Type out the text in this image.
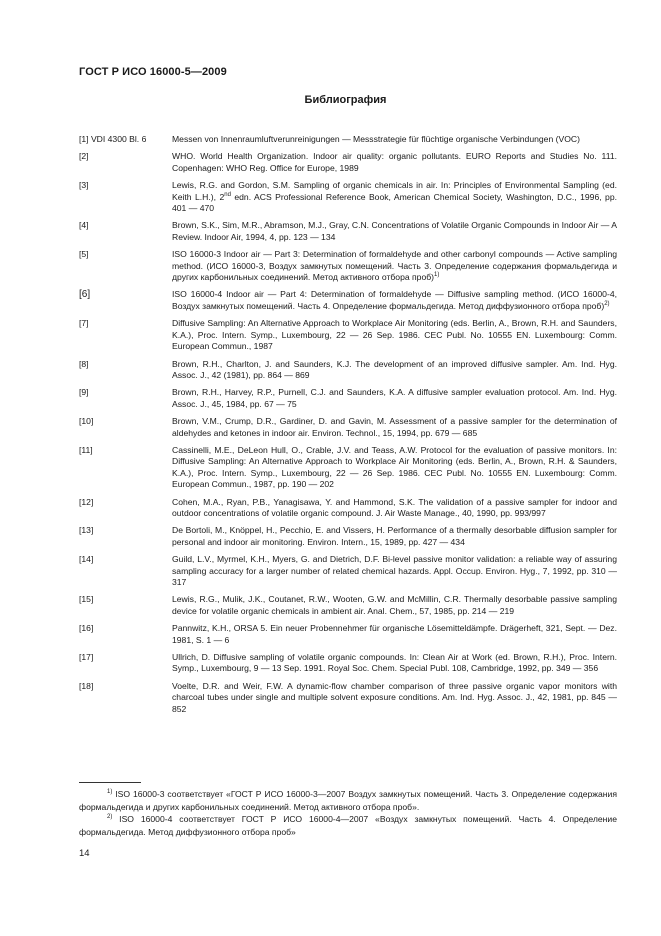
ГОСТ Р ИСО 16000-5—2009
Библиография
[1] VDI 4300 Bl. 6	Messen von Innenraumluftverunreinigungen — Messstrategie für flüchtige organische Verbindungen (VOC)
[2]	WHO. World Health Organization. Indoor air quality: organic pollutants. EURO Reports and Studies No. 111. Copenhagen: WHO Reg. Office for Europe, 1989
[3]	Lewis, R.G. and Gordon, S.M. Sampling of organic chemicals in air. In: Principles of Environmental Sampling (ed. Keith L.H.), 2nd edn. ACS Professional Reference Book, American Chemical Society, Washington, D.C., 1996, pp. 401 — 470
[4]	Brown, S.K., Sim, M.R., Abramson, M.J., Gray, C.N. Concentrations of Volatile Organic Compounds in Indoor Air — A Review. Indoor Air, 1994, 4, pp. 123 — 134
[5]	ISO 16000-3 Indoor air — Part 3: Determination of formaldehyde and other carbonyl compounds — Active sampling method. (ИСО 16000-3, Воздух замкнутых помещений. Часть 3. Определение содержания формальдегида и других карбонильных соединений. Метод активного отбора проб)$^{1)}$
[6]	ISO 16000-4 Indoor air — Part 4: Determination of formaldehyde — Diffusive sampling method. (ИСО 16000-4, Воздух замкнутых помещений. Часть 4. Определение формальдегида. Метод диффузионного отбора проб)$^{2)}$
[7]	Diffusive Sampling: An Alternative Approach to Workplace Air Monitoring (eds. Berlin, A., Brown, R.H. and Saunders, K.A.), Proc. Intern. Symp., Luxembourg, 22 — 26 Sep. 1986. CEC Publ. No. 10555 EN. Luxembourg: Comm. European Commun., 1987
[8]	Brown, R.H., Charlton, J. and Saunders, K.J. The development of an improved diffusive sampler. Am. Ind. Hyg. Assoc. J., 42 (1981), pp. 864 — 869
[9]	Brown, R.H., Harvey, R.P., Purnell, C.J. and Saunders, K.A. A diffusive sampler evaluation protocol. Am. Ind. Hyg. Assoc. J., 45, 1984, pp. 67 — 75
[10]	Brown, V.M., Crump, D.R., Gardiner, D. and Gavin, M. Assessment of a passive sampler for the determination of aldehydes and ketones in indoor air. Environ. Technol., 15, 1994, pp. 679 — 685
[11]	Cassinelli, M.E., DeLeon Hull, O., Crable, J.V. and Teass, A.W. Protocol for the evaluation of passive monitors. In: Diffusive Sampling: An Alternative Approach to Workplace Air Monitoring (eds. Berlin, A., Brown, R.H. & Saunders, K.A.), Proc. Intern. Symp., Luxembourg, 22 — 26 Sep. 1986. CEC Publ. No. 10555 EN. Luxembourg: Comm. European Commun., 1987, pp. 190 — 202
[12]	Cohen, M.A., Ryan, P.B., Yanagisawa, Y. and Hammond, S.K. The validation of a passive sampler for indoor and outdoor concentrations of volatile organic compound. J. Air Waste Manage., 40, 1990, pp. 993/997
[13]	De Bortoli, M., Knöppel, H., Pecchio, E. and Vissers, H. Performance of a thermally desorbable diffusion sampler for personal and indoor air monitoring. Environ. Intern., 15, 1989, pp. 427 — 434
[14]	Guild, L.V., Myrmel, K.H., Myers, G. and Dietrich, D.F. Bi-level passive monitor validation: a reliable way of assuring sampling accuracy for a larger number of related chemical hazards. Appl. Occup. Environ. Hyg., 7, 1992, pp. 310 — 317
[15]	Lewis, R.G., Mulik, J.K., Coutanet, R.W., Wooten, G.W. and McMillin, C.R. Thermally desorbable passive sampling device for volatile organic chemicals in ambient air. Anal. Chem., 57, 1985, pp. 214 — 219
[16]	Pannwitz, K.H., ORSA 5. Ein neuer Probennehmer für organische Lösemitteldämpfe. Drägerheft, 321, Sept. — Dez. 1981, S. 1 — 6
[17]	Ullrich, D. Diffusive sampling of volatile organic compounds. In: Clean Air at Work (ed. Brown, R.H.), Proc. Intern. Symp., Luxembourg, 9 — 13 Sep. 1991. Royal Soc. Chem. Special Publ. 108, Cambridge, 1992, pp. 349 — 356
[18]	Voelte, D.R. and Weir, F.W. A dynamic-flow chamber comparison of three passive organic vapor monitors with charcoal tubes under single and multiple solvent exposure conditions. Am. Ind. Hyg. Assoc. J., 42, 1981, pp. 845 — 852
$^{1)}$ ISO 16000-3 соответствует «ГОСТ Р ИСО 16000-3—2007 Воздух замкнутых помещений. Часть 3. Определение содержания формальдегида и других карбонильных соединений. Метод активного отбора проб».
$^{2)}$ ISO 16000-4 соответствует ГОСТ Р ИСО 16000-4—2007 «Воздух замкнутых помещений. Часть 4. Определение формальдегида. Метод диффузионного отбора проб»
14
